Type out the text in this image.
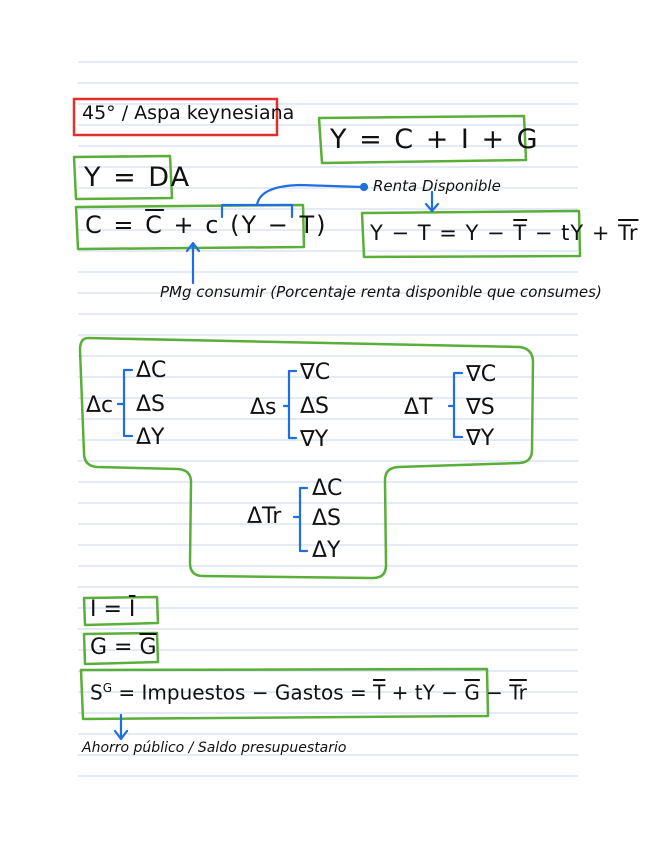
45° / Aspa keynesiana
Y = C + I + G
Y = DA
$C = \overline{C} + c$ (Y − T)
Renta Disponible
$Y - T = Y - \overline{T}$ − tY + $\overline{Tr}$
PMg consumir (Porcentaje renta disponible que consumes)
Δc
ΔC
ΔS
ΔY
Δs
∇C
ΔS
∇Y
ΔT
∇C
∇S
∇Y
ΔTr
ΔC
ΔS
ΔY
$I = \overline{I}$
$G = \overline{G}$
$S^G$ = Impuestos − Gastos = $\overline{T}$ + tY − $\overline{G} - \overline{Tr}$
Ahorro público / Saldo presupuestario
